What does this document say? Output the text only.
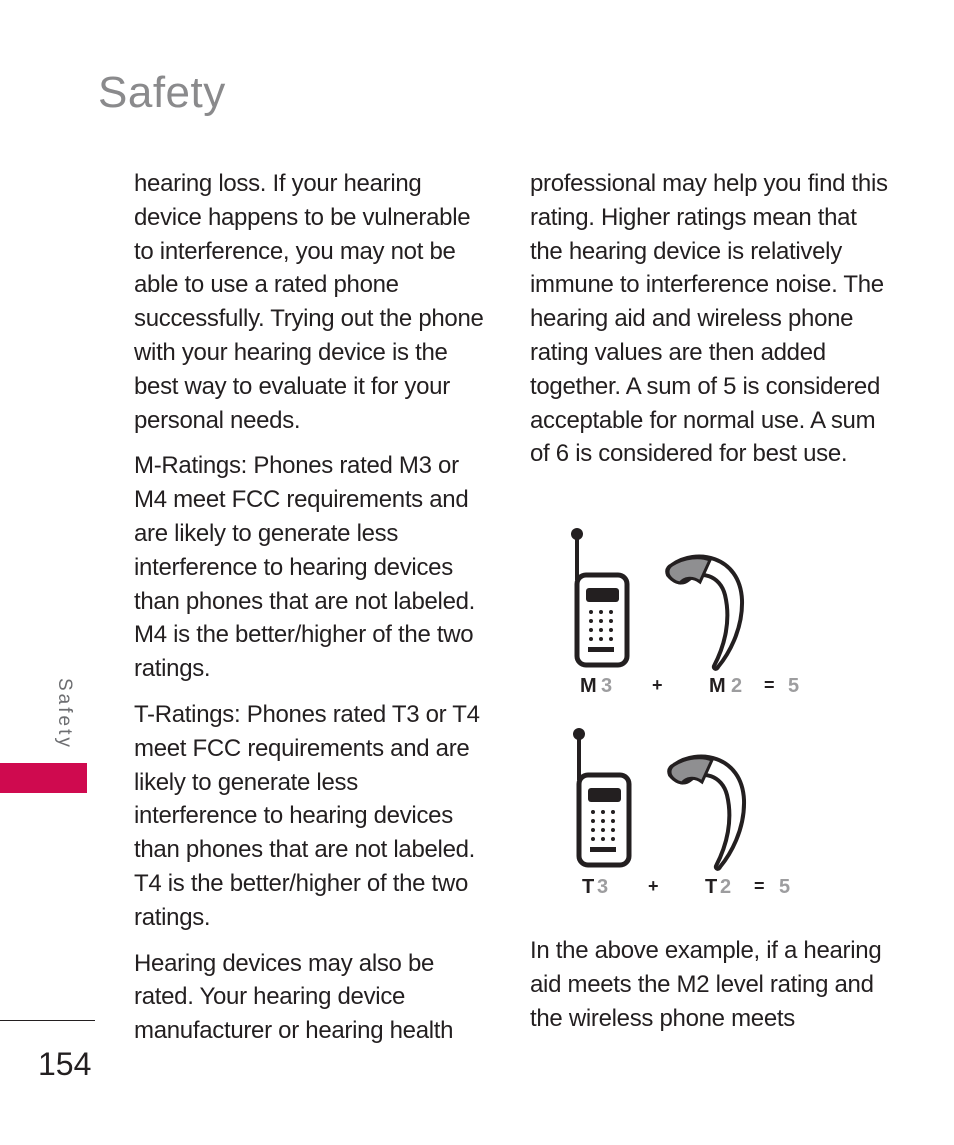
Safety

hearing loss. If your hearing device happens to be vulnerable to interference, you may not be able to use a rated phone successfully. Trying out the phone with your hearing device is the best way to evaluate it for your personal needs.

M-Ratings: Phones rated M3 or M4 meet FCC requirements and are likely to generate less interference to hearing devices than phones that are not labeled. M4 is the better/higher of the two ratings.

T-Ratings: Phones rated T3 or T4 meet FCC requirements and are likely to generate less interference to hearing devices than phones that are not labeled. T4 is the better/higher of the two ratings.

Hearing devices may also be rated. Your hearing device manufacturer or hearing health

professional may help you find this rating. Higher ratings mean that the hearing device is relatively immune to interference noise. The hearing aid and wireless phone rating values are then added together. A sum of 5 is considered acceptable for normal use. A sum of 6 is considered for best use.

M 3 + M 2 = 5
T 3 + T 2 = 5

In the above example, if a hearing aid meets the M2 level rating and the wireless phone meets

Safety
154
